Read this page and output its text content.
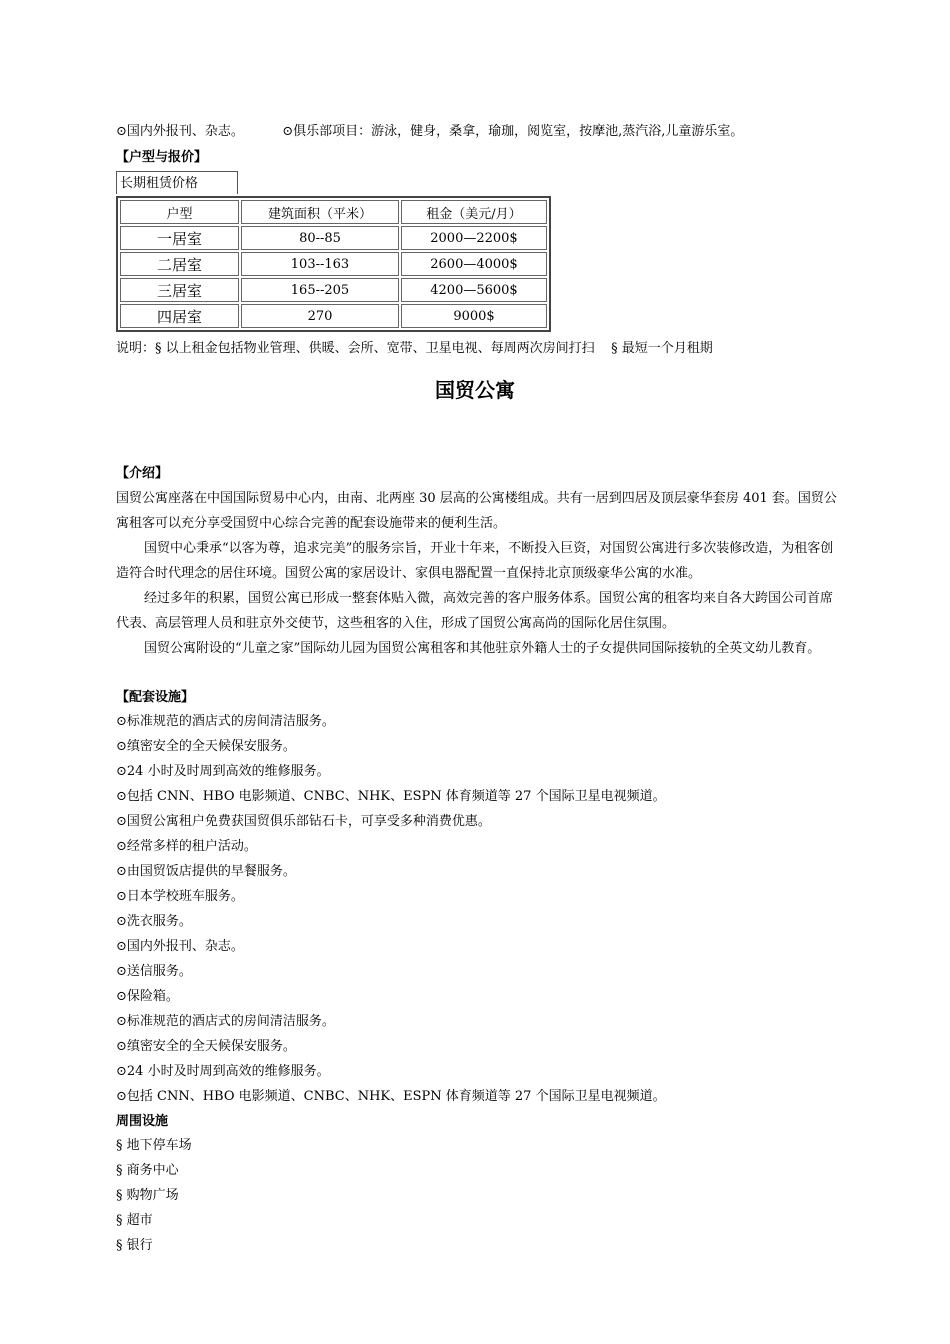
⊙国内外报刊、杂志。	⊙俱乐部项目：游泳，健身，桑拿，瑜珈，阅览室，按摩池,蒸汽浴,儿童游乐室。
【户型与报价】
长期租赁价格
户型	建筑面积（平米）	租金（美元/月）
一居室	80--85	2000—2200$
二居室	103--163	2600—4000$
三居室	165--205	4200—5600$
四居室	270	9000$
说明：§ 以上租金包括物业管理、供暖、会所、宽带、卫星电视、每周两次房间打扫    § 最短一个月租期
国贸公寓
【介绍】
国贸公寓座落在中国国际贸易中心内，由南、北两座 30 层高的公寓楼组成。共有一居到四居及顶层豪华套房 401 套。国贸公寓租客可以充分享受国贸中心综合完善的配套设施带来的便利生活。
国贸中心秉承“以客为尊，追求完美”的服务宗旨，开业十年来，不断投入巨资，对国贸公寓进行多次装修改造，为租客创造符合时代理念的居住环境。国贸公寓的家居设计、家俱电器配置一直保持北京顶级豪华公寓的水准。
经过多年的积累，国贸公寓已形成一整套体贴入微，高效完善的客户服务体系。国贸公寓的租客均来自各大跨国公司首席代表、高层管理人员和驻京外交使节，这些租客的入住，形成了国贸公寓高尚的国际化居住氛围。
国贸公寓附设的“儿童之家”国际幼儿园为国贸公寓租客和其他驻京外籍人士的子女提供同国际接轨的全英文幼儿教育。
【配套设施】
⊙标准规范的酒店式的房间清洁服务。
⊙缜密安全的全天候保安服务。
⊙24 小时及时周到高效的维修服务。
⊙包括 CNN、HBO 电影频道、CNBC、NHK、ESPN 体育频道等 27 个国际卫星电视频道。
⊙国贸公寓租户免费获国贸俱乐部钻石卡，可享受多种消费优惠。
⊙经常多样的租户活动。
⊙由国贸饭店提供的早餐服务。
⊙日本学校班车服务。
⊙洗衣服务。
⊙国内外报刊、杂志。
⊙送信服务。
⊙保险箱。
⊙标准规范的酒店式的房间清洁服务。
⊙缜密安全的全天候保安服务。
⊙24 小时及时周到高效的维修服务。
⊙包括 CNN、HBO 电影频道、CNBC、NHK、ESPN 体育频道等 27 个国际卫星电视频道。
周围设施
§ 地下停车场
§ 商务中心
§ 购物广场
§ 超市
§ 银行
